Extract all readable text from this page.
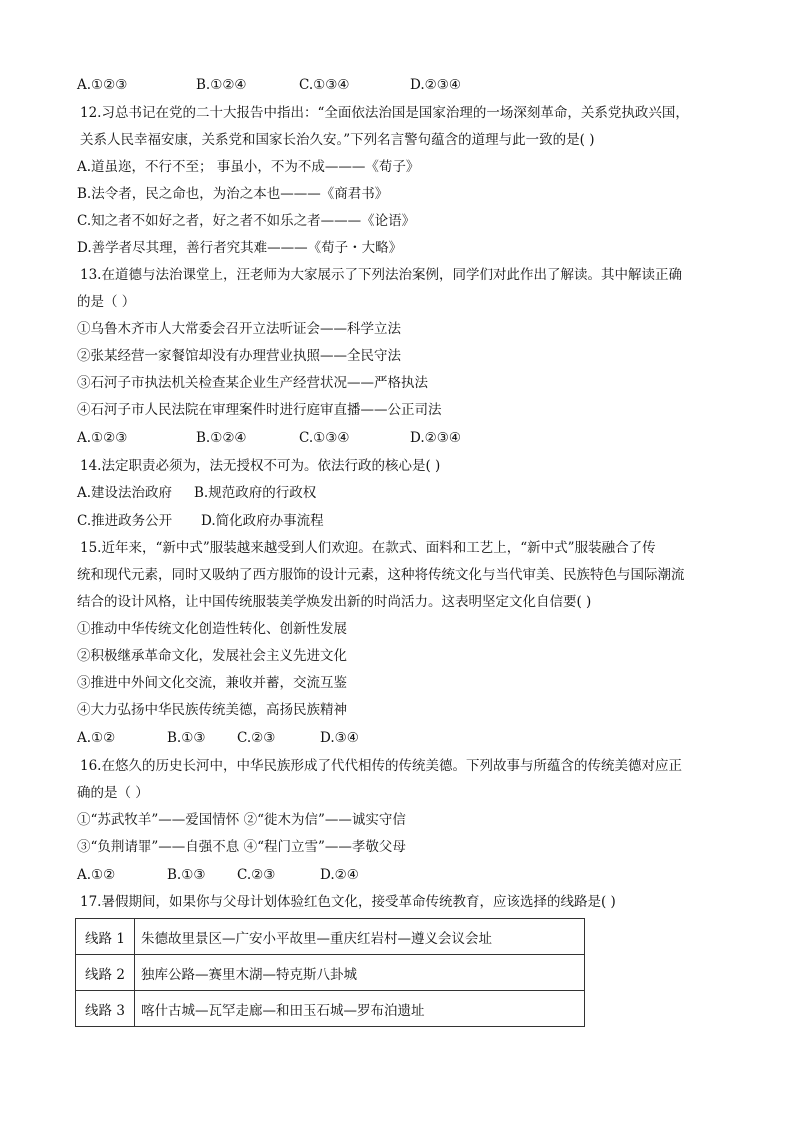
A.①②③	B.①②④	C.①③④	D.②③④
12.习总书记在党的二十大报告中指出：“全面依法治国是国家治理的一场深刻革命，关系党执政兴国，
关系人民幸福安康，关系党和国家长治久安。”下列名言警句蕴含的道理与此一致的是( )
A.道虽迩，不行不至； 事虽小，不为不成———《荀子》
B.法令者，民之命也，为治之本也———《商君书》
C.知之者不如好之者，好之者不如乐之者———《论语》
D.善学者尽其理，善行者究其难———《荀子・大略》
13.在道德与法治课堂上，汪老师为大家展示了下列法治案例，同学们对此作出了解读。其中解读正确
的是（ ）
①乌鲁木齐市人大常委会召开立法听证会——科学立法
②张某经营一家餐馆却没有办理营业执照——全民守法
③石河子市执法机关检查某企业生产经营状况——严格执法
④石河子市人民法院在审理案件时进行庭审直播——公正司法
A.①②③	B.①②④	C.①③④	D.②③④
14.法定职责必须为，法无授权不可为。依法行政的核心是( )
A.建设法治政府 B.规范政府的行政权
C.推进政务公开 D.简化政府办事流程
15.近年来，“新中式”服装越来越受到人们欢迎。在款式、面料和工艺上，“新中式”服装融合了传
统和现代元素，同时又吸纳了西方服饰的设计元素，这种将传统文化与当代审美、民族特色与国际潮流
结合的设计风格，让中国传统服装美学焕发出新的时尚活力。这表明坚定文化自信要( )
①推动中华传统文化创造性转化、创新性发展
②积极继承革命文化，发展社会主义先进文化
③推进中外间文化交流，兼收并蓄，交流互鉴
④大力弘扬中华民族传统美德，高扬民族精神
A.①②	B.①③ C.②③	D.③④
16.在悠久的历史长河中，中华民族形成了代代相传的传统美德。下列故事与所蕴含的传统美德对应正
确的是（ ）
①“苏武牧羊”——爱国情怀 ②“徙木为信”——诚实守信
③“负荆请罪”——自强不息 ④“程门立雪”——孝敬父母
A.①②	B.①③ C.②③	D.②④
17.暑假期间，如果你与父母计划体验红色文化，接受革命传统教育，应该选择的线路是( )
线路 1	朱德故里景区—广安小平故里—重庆红岩村—遵义会议会址
线路 2	独库公路—赛里木湖—特克斯八卦城
线路 3	喀什古城—瓦罕走廊—和田玉石城—罗布泊遗址
